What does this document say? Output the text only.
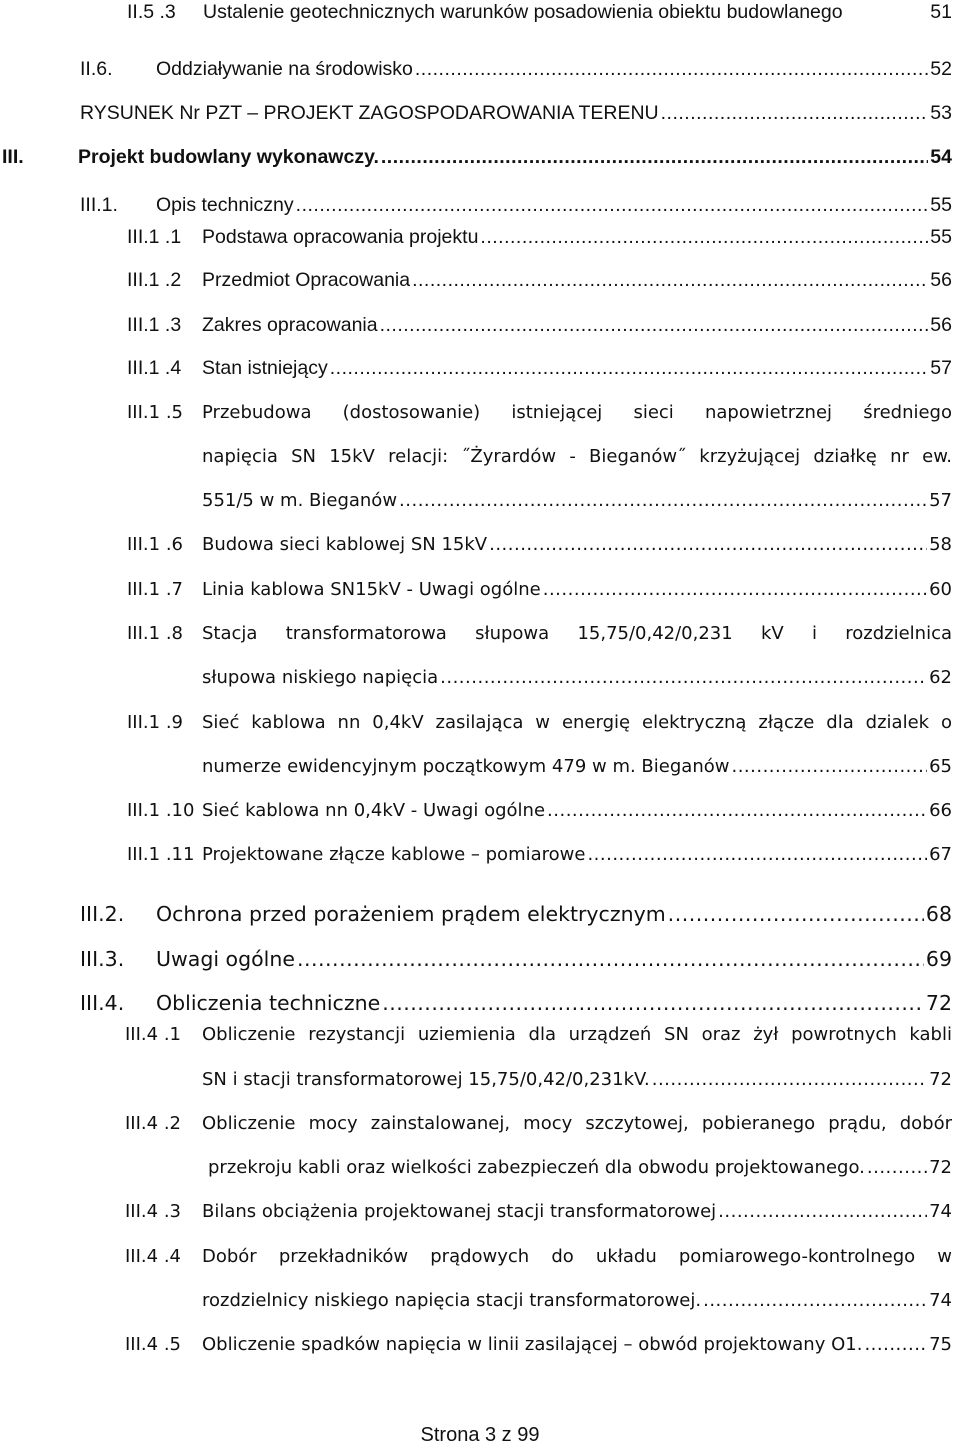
II.5 .3	Ustalenie geotechnicznych warunków posadowienia obiektu budowlanego	51
II.6.	Oddziaływanie na środowisko .....	52
RYSUNEK Nr PZT – PROJEKT ZAGOSPODAROWANIA TERENU .....	53
III.	Projekt budowlany wykonawczy. .....	54
III.1.	Opis techniczny .....	55
III.1 .1	Podstawa opracowania projektu .....	55
III.1 .2	Przedmiot Opracowania .....	56
III.1 .3	Zakres opracowania .....	56
III.1 .4	Stan istniejący .....	57
III.1 .5	Przebudowa (dostosowanie) istniejącej sieci napowietrznej średniego
napięcia SN 15kV relacji: ˝Żyrardów - Bieganów˝ krzyżującej działkę nr ew.
551/5 w m. Bieganów .....	57
III.1 .6	Budowa sieci kablowej SN 15kV .....	58
III.1 .7	Linia kablowa SN15kV - Uwagi ogólne .....	60
III.1 .8	Stacja transformatorowa słupowa 15,75/0,42/0,231 kV i rozdzielnica
słupowa niskiego napięcia .....	62
III.1 .9	Sieć kablowa nn 0,4kV zasilająca w energię elektryczną złącze dla dzialek o
numerze ewidencyjnym początkowym 479 w m. Bieganów .....	65
III.1 .10 Sieć kablowa nn 0,4kV - Uwagi ogólne .....	66
III.1 .11 Projektowane złącze kablowe – pomiarowe .....	67
III.2.	Ochrona przed porażeniem prądem elektrycznym .....	68
III.3.	Uwagi ogólne .....	69
III.4.	Obliczenia techniczne .....	72
III.4 .1	Obliczenie rezystancji uziemienia dla urządzeń SN oraz żył powrotnych kabli
SN i stacji transformatorowej 15,75/0,42/0,231kV. .....	72
III.4 .2	Obliczenie mocy zainstalowanej, mocy szczytowej, pobieranego prądu, dobór
przekroju kabli oraz wielkości zabezpieczeń dla obwodu projektowanego. .....	72
III.4 .3	Bilans obciążenia projektowanej stacji transformatorowej .....	74
III.4 .4	Dobór przekładników prądowych do układu pomiarowego-kontrolnego w
rozdzielnicy niskiego napięcia stacji transformatorowej. .....	74
III.4 .5	Obliczenie spadków napięcia w linii zasilającej – obwód projektowany O1. .....	75
Strona 3 z 99
